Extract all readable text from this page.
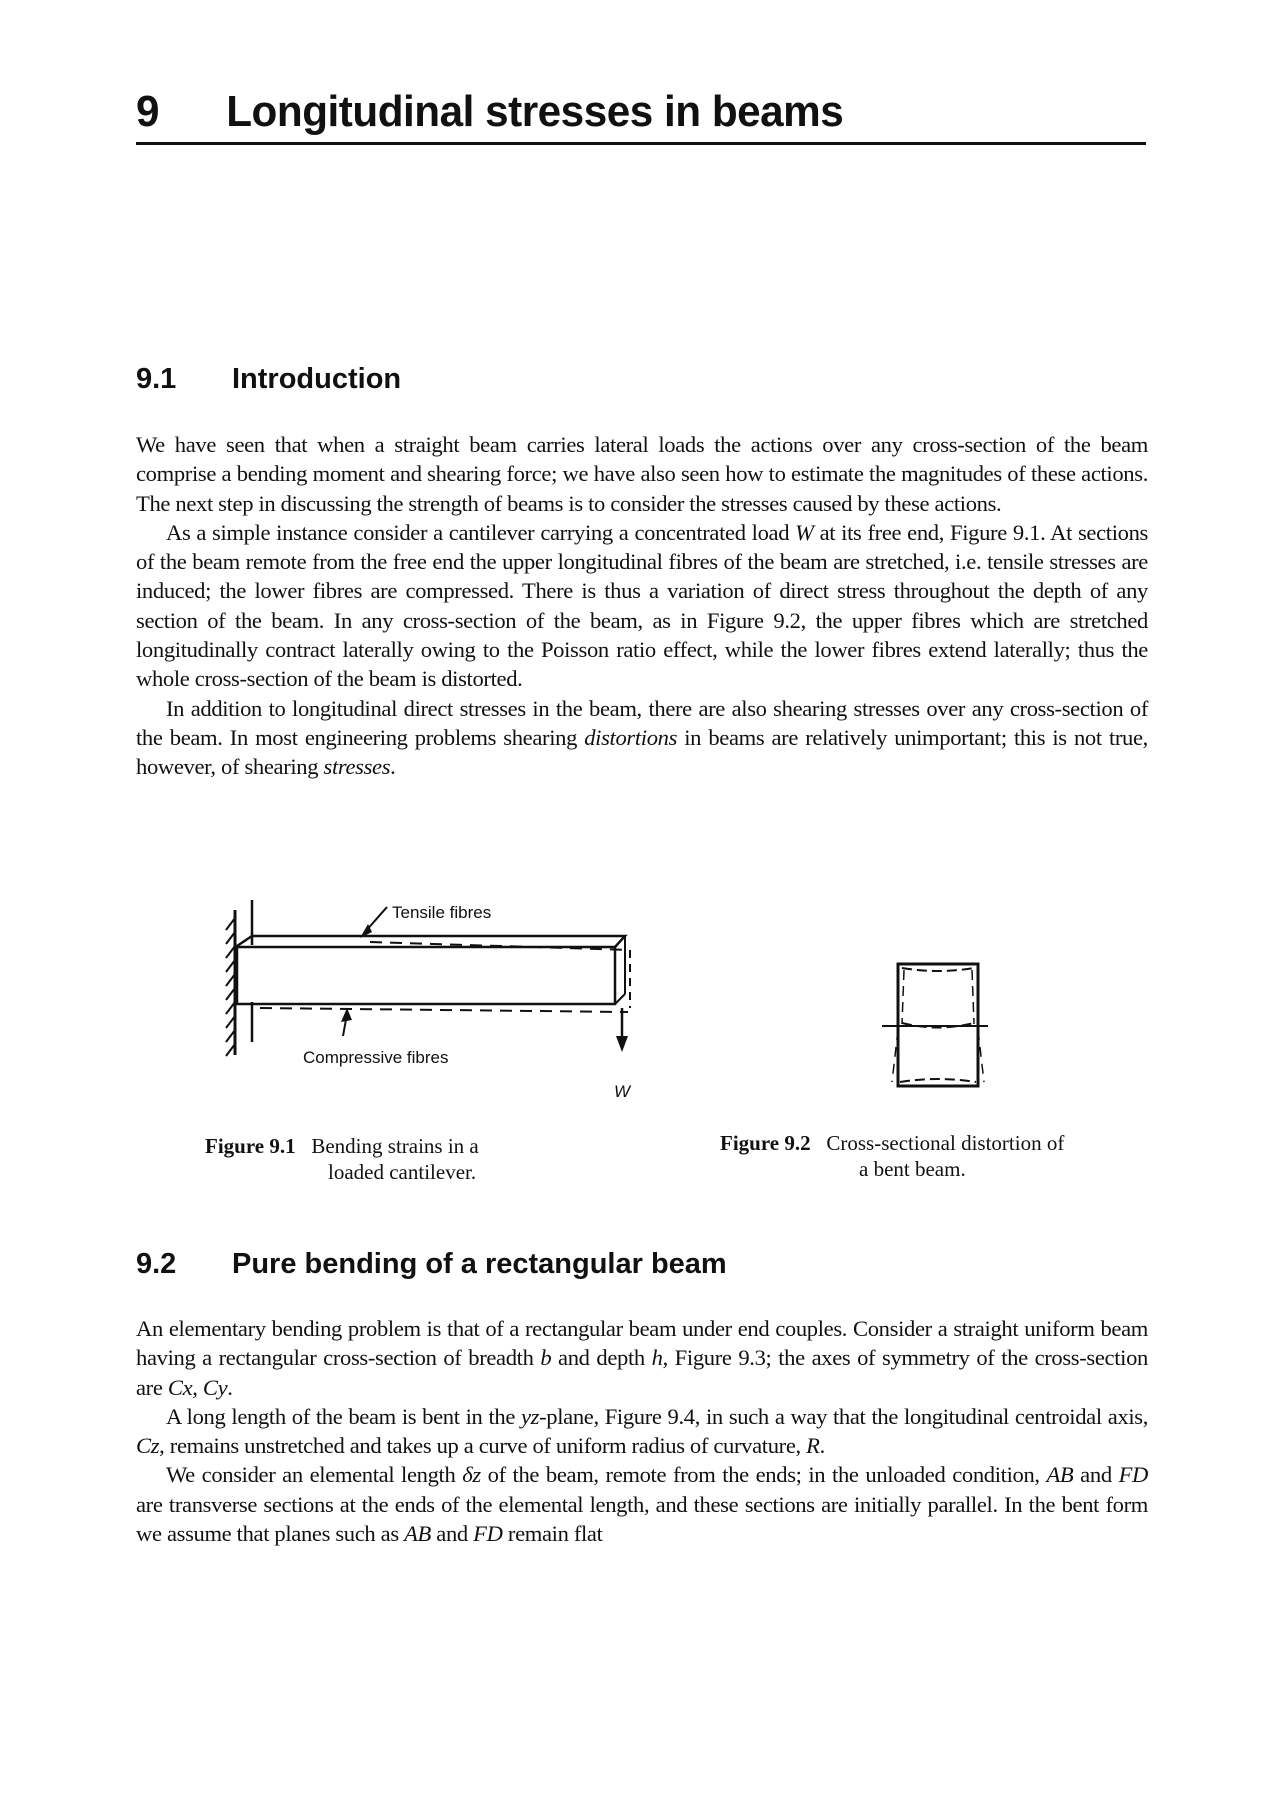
9 Longitudinal stresses in beams
9.1 Introduction

We have seen that when a straight beam carries lateral loads the actions over any cross-section of the beam comprise a bending moment and shearing force; we have also seen how to estimate the magnitudes of these actions. The next step in discussing the strength of beams is to consider the stresses caused by these actions.

As a simple instance consider a cantilever carrying a concentrated load W at its free end, Figure 9.1. At sections of the beam remote from the free end the upper longitudinal fibres of the beam are stretched, i.e. tensile stresses are induced; the lower fibres are compressed. There is thus a variation of direct stress throughout the depth of any section of the beam. In any cross-section of the beam, as in Figure 9.2, the upper fibres which are stretched longitudinally contract laterally owing to the Poisson ratio effect, while the lower fibres extend laterally; thus the whole cross-section of the beam is distorted.

In addition to longitudinal direct stresses in the beam, there are also shearing stresses over any cross-section of the beam. In most engineering problems shearing distortions in beams are relatively unimportant; this is not true, however, of shearing stresses.

Tensile fibres
Compressive fibres
W
Figure 9.1 Bending strains in a
loaded cantilever.
Figure 9.2 Cross-sectional distortion of
a bent beam.
9.2 Pure bending of a rectangular beam

An elementary bending problem is that of a rectangular beam under end couples. Consider a straight uniform beam having a rectangular cross-section of breadth b and depth h, Figure 9.3; the axes of symmetry of the cross-section are Cx, Cy.

A long length of the beam is bent in the yz-plane, Figure 9.4, in such a way that the longitudinal centroidal axis, Cz, remains unstretched and takes up a curve of uniform radius of curvature, R.

We consider an elemental length δz of the beam, remote from the ends; in the unloaded condition, AB and FD are transverse sections at the ends of the elemental length, and these sections are initially parallel. In the bent form we assume that planes such as AB and FD remain flat
